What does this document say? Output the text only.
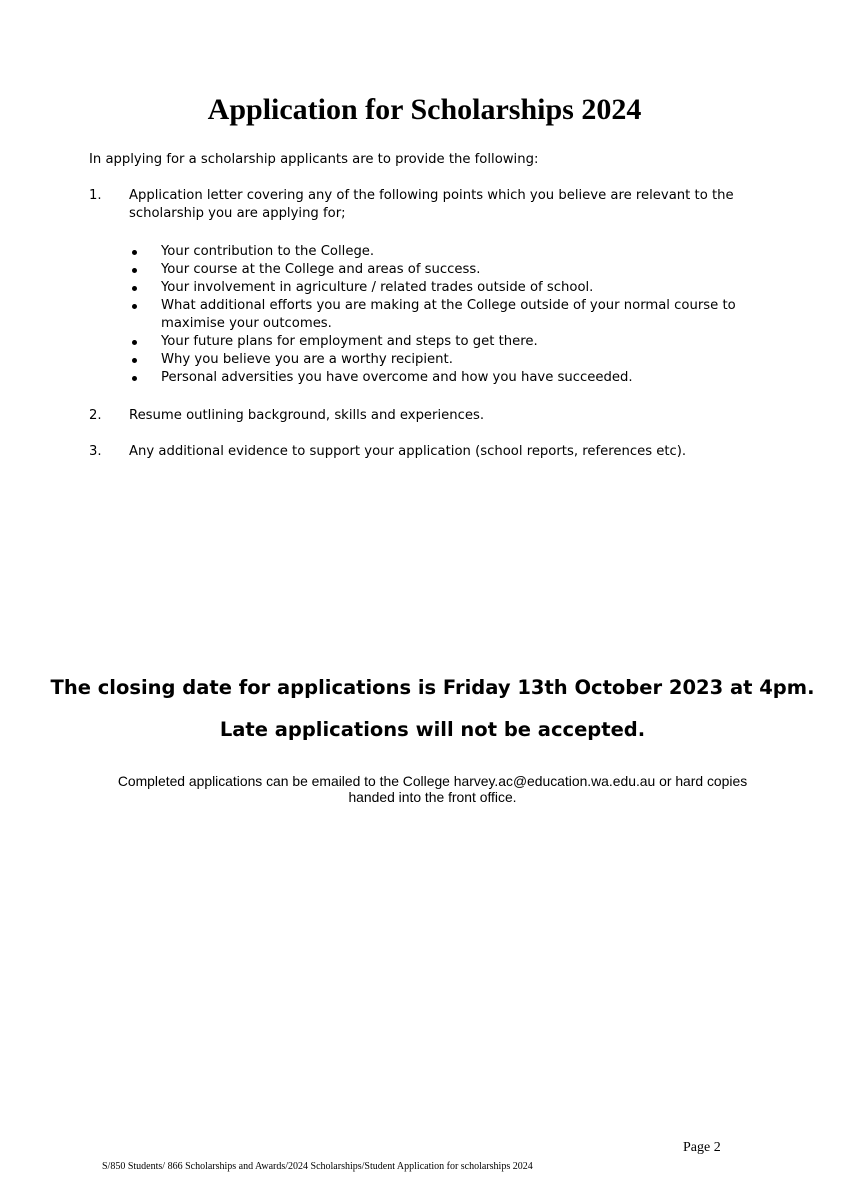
Application for Scholarships 2024

In applying for a scholarship applicants are to provide the following:

1. Application letter covering any of the following points which you believe are relevant to the scholarship you are applying for;
Your contribution to the College.
Your course at the College and areas of success.
Your involvement in agriculture / related trades outside of school.
What additional efforts you are making at the College outside of your normal course to maximise your outcomes.
Your future plans for employment and steps to get there.
Why you believe you are a worthy recipient.
Personal adversities you have overcome and how you have succeeded.
2. Resume outlining background, skills and experiences.
3. Any additional evidence to support your application (school reports, references etc).

The closing date for applications is Friday 13th October 2023 at 4pm.

Late applications will not be accepted.

Completed applications can be emailed to the College harvey.ac@education.wa.edu.au or hard copies handed into the front office.

Page 2
S/850 Students/ 866 Scholarships and Awards/2024 Scholarships/Student Application for scholarships 2024
